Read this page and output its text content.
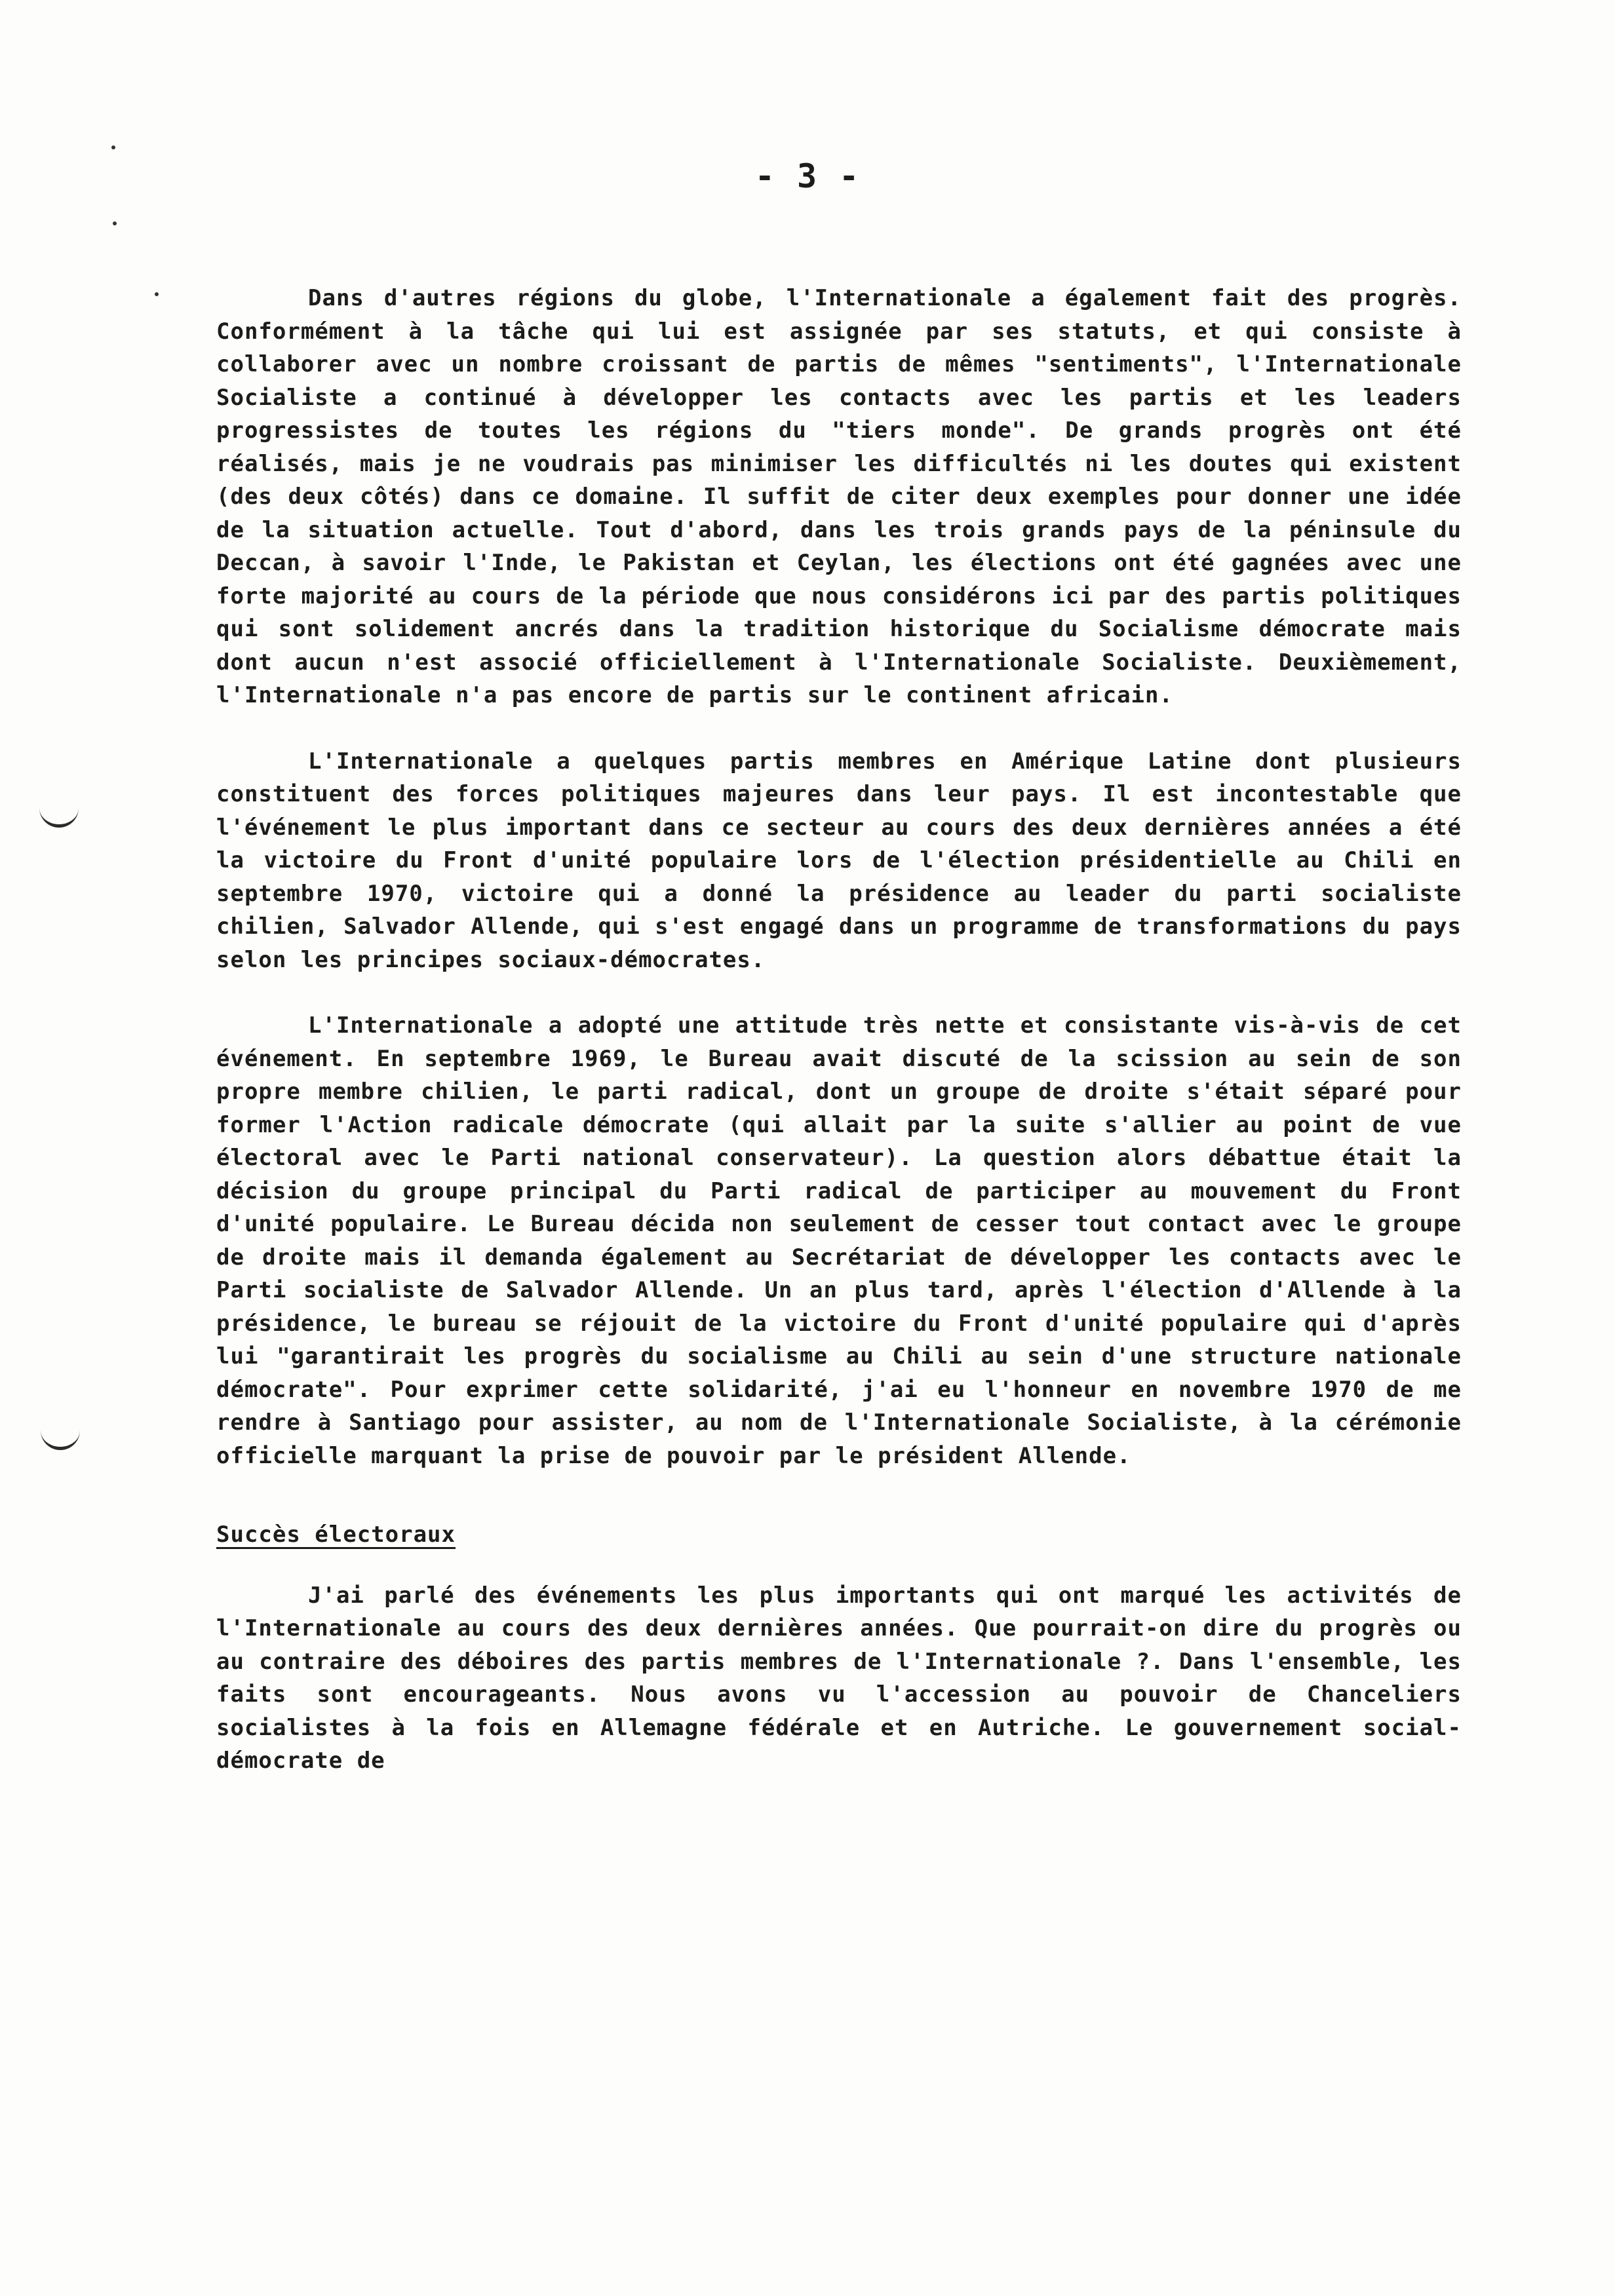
- 3 -

Dans d'autres régions du globe, l'Internationale a également fait des progrès. Conformément à la tâche qui lui est assignée par ses statuts, et qui consiste à collaborer avec un nombre croissant de partis de mêmes "sentiments", l'Internationale Socialiste a continué à développer les contacts avec les partis et les leaders progressistes de toutes les régions du "tiers monde". De grands progrès ont été réalisés, mais je ne voudrais pas minimiser les difficultés ni les doutes qui existent (des deux côtés) dans ce domaine. Il suffit de citer deux exemples pour donner une idée de la situation actuelle. Tout d'abord, dans les trois grands pays de la péninsule du Deccan, à savoir l'Inde, le Pakistan et Ceylan, les élections ont été gagnées avec une forte majorité au cours de la période que nous considérons ici par des partis politiques qui sont solidement ancrés dans la tradition historique du Socialisme démocrate mais dont aucun n'est associé officiellement à l'Internationale Socialiste. Deuxièmement, l'Internationale n'a pas encore de partis sur le continent africain.

L'Internationale a quelques partis membres en Amérique Latine dont plusieurs constituent des forces politiques majeures dans leur pays. Il est incontestable que l'événement le plus important dans ce secteur au cours des deux dernières années a été la victoire du Front d'unité populaire lors de l'élection présidentielle au Chili en septembre 1970, victoire qui a donné la présidence au leader du parti socialiste chilien, Salvador Allende, qui s'est engagé dans un programme de transformations du pays selon les principes sociaux-démocrates.

L'Internationale a adopté une attitude très nette et consistante vis-à-vis de cet événement. En septembre 1969, le Bureau avait discuté de la scission au sein de son propre membre chilien, le parti radical, dont un groupe de droite s'était séparé pour former l'Action radicale démocrate (qui allait par la suite s'allier au point de vue électoral avec le Parti national conservateur). La question alors débattue était la décision du groupe principal du Parti radical de participer au mouvement du Front d'unité populaire. Le Bureau décida non seulement de cesser tout contact avec le groupe de droite mais il demanda également au Secrétariat de développer les contacts avec le Parti socialiste de Salvador Allende. Un an plus tard, après l'élection d'Allende à la présidence, le bureau se réjouit de la victoire du Front d'unité populaire qui d'après lui "garantirait les progrès du socialisme au Chili au sein d'une structure nationale démocrate". Pour exprimer cette solidarité, j'ai eu l'honneur en novembre 1970 de me rendre à Santiago pour assister, au nom de l'Internationale Socialiste, à la cérémonie officielle marquant la prise de pouvoir par le président Allende.

Succès électoraux

J'ai parlé des événements les plus importants qui ont marqué les activités de l'Internationale au cours des deux dernières années. Que pourrait-on dire du progrès ou au contraire des déboires des partis membres de l'Internationale ?. Dans l'ensemble, les faits sont encourageants. Nous avons vu l'accession au pouvoir de Chanceliers socialistes à la fois en Allemagne fédérale et en Autriche. Le gouvernement social-démocrate de
